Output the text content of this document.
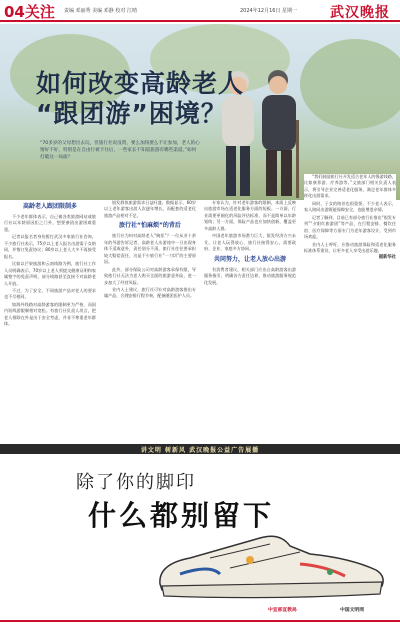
04关注 责编 邓丽秀 美编 邓静 校对 江晴	2024年12月16日 星期一 武汉晚报
如何改变高龄老人
“跟团游”困境？
“70多岁的父母想出去玩，但旅行社说没资，要么加钱要么不让参加，老人的心情好不好，特别是在自由行被卡住后，一些家长不知道旅游有哪些渠道。”如何打破这一局面？
高龄老人跟团限制多

不少老年群体表示，自己被各类旅游网站或旅行社以年龄原因拒之门外，想要参团出游困难重重。

记者以报名者身份拨打武汉多家旅行社咨询，不少旅行社表示，75岁以上老人报名出游需子女陪同，并签订免责协议；80岁以上老人大多不再接受报名。

比如以芒果旅游和云南线路为例，旅行社工作人员明确表示，70岁以上老人须提交健康证明和家属签字的免责声明，部分线路甚至直接不对高龄老人开放。

不过，为了安全，不同旅游产品对老人的要求也不尽相同。

如海外线路对高龄游客的限制更为严格，而国内短线游限制相对宽松。有旅行社负责人坦言，把老人排除在外是出于安全考虑，并非不尊重老年群体。

银发群体旅游需求日益旺盛。数据显示，60岁以上老年游客出游人次逐年增长，而配套的适老化旅游产品相对不足。

旅行社“怕麻烦”的背后

旅行社为何对高龄老人“婉拒”？一位从业十余年的导游告诉记者，高龄老人出游途中一旦出现身体不适或意外，责任划分不清，旅行社往往要承担较大赔偿责任，这是不少旅行社“一刀切”的主要原因。

此外，部分保险公司对高龄游客承保有限，导致旅行社无法为老人购买全面的旅游意外险，进一步加大了经营风险。

业内人士建议，旅行社可针对高龄游客推出专属产品，合理安排行程节奏，配备随团医护人员。

专家认为，针对老年游客的限制，本质上反映出旅游市场在适老化服务方面的短板。一方面，行业需要更细化的风险评估标准，而不是简单以年龄划线；另一方面，保险产品也应加快创新，覆盖更多高龄人群。

中国老年旅游市场潜力巨大，银发经济方兴未艾。让老人玩得放心、旅行社接得安心，需要政府、企业、家庭多方协同。

共同努力，让老人放心出游

有消费者建议，相关部门应出台高龄游客出游服务指引，明确各方责任边界，推动旅游服务规范化发展。

“我们鼓励旅行社开发适合老年人的慢游线路，比如康养游、疗养游等。”文旅部门相关负责人表示，将引导企业完善适老化服务，满足老年群体多样化出游需求。

同时，子女的陪伴也很重要。不少老人表示，家人陪同出游既能保障安全，也能增进亲情。

记者了解到，目前已有部分旅行社推出“银发专列”“夕阳红旅游团”等产品，在行程安排、餐饮住宿、医疗保障等方面专门为老年游客设计，受到市场欢迎。

业内人士呼吁，应推动旅游保险和适老化服务标准体系建设，让更多老人享受出游乐趣。

据新华社
讲文明 树新风 武汉晚报公益广告展播
除了你的脚印
什么都别留下
中宣部宣教局	中国文明网
